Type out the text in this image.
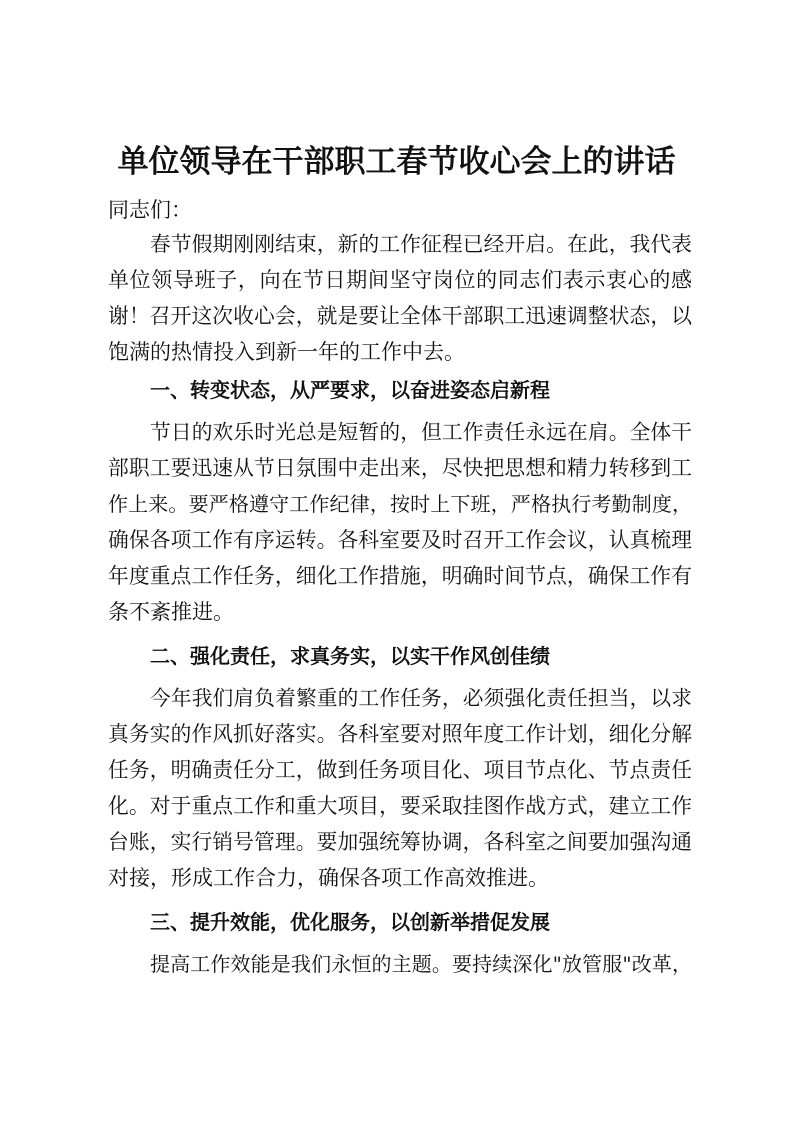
单位领导在干部职工春节收心会上的讲话
同志们：
春节假期刚刚结束，新的工作征程已经开启。在此，我代表
单位领导班子，向在节日期间坚守岗位的同志们表示衷心的感
谢！召开这次收心会，就是要让全体干部职工迅速调整状态，以
饱满的热情投入到新一年的工作中去。
一、转变状态，从严要求，以奋进姿态启新程
节日的欢乐时光总是短暂的，但工作责任永远在肩。全体干
部职工要迅速从节日氛围中走出来，尽快把思想和精力转移到工
作上来。要严格遵守工作纪律，按时上下班，严格执行考勤制度，
确保各项工作有序运转。各科室要及时召开工作会议，认真梳理
年度重点工作任务，细化工作措施，明确时间节点，确保工作有
条不紊推进。
二、强化责任，求真务实，以实干作风创佳绩
今年我们肩负着繁重的工作任务，必须强化责任担当，以求
真务实的作风抓好落实。各科室要对照年度工作计划，细化分解
任务，明确责任分工，做到任务项目化、项目节点化、节点责任
化。对于重点工作和重大项目，要采取挂图作战方式，建立工作
台账，实行销号管理。要加强统筹协调，各科室之间要加强沟通
对接，形成工作合力，确保各项工作高效推进。
三、提升效能，优化服务，以创新举措促发展
提高工作效能是我们永恒的主题。要持续深化"放管服"改革，
